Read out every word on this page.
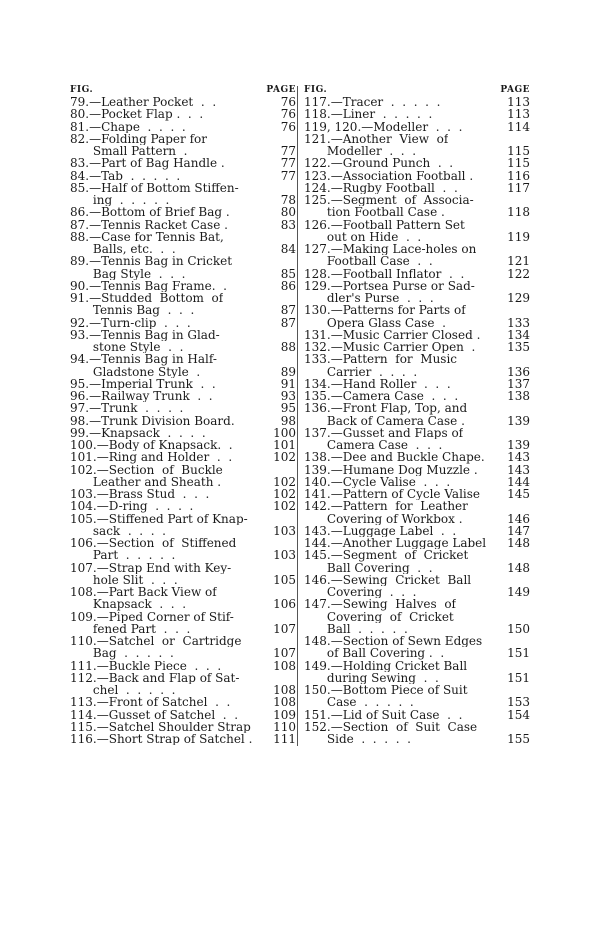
FIG.	PAGE
79.—Leather Pocket  .  .	76
80.—Pocket Flap .  .  .	76
81.—Chape  .  .  .  .	76
82.—Folding Paper for
Small Pattern  .	77
83.—Part of Bag Handle .	77
84.—Tab  .  .  .  .  .	77
85.—Half of Bottom Stiffen-
ing  .  .  .  .  .	78
86.—Bottom of Brief Bag .	80
87.—Tennis Racket Case .	83
88.—Case for Tennis Bat,
Balls, etc.  .  .	84
89.—Tennis Bag in Cricket
Bag Style  .  .  .	85
90.—Tennis Bag Frame.  .	86
91.—Studded  Bottom  of
Tennis Bag  .  .  .	87
92.—Turn-clip  .  .  .	87
93.—Tennis Bag in Glad-
stone Style  .  .	88
94.—Tennis Bag in Half-
Gladstone Style  .	89
95.—Imperial Trunk  .  .	91
96.—Railway Trunk  .  .	93
97.—Trunk  .  .  .  .	95
98.—Trunk Division Board.	98
99.—Knapsack  .  .  .  .	100
100.—Body of Knapsack.  .	101
101.—Ring and Holder  .  .	102
102.—Section  of  Buckle
Leather and Sheath .	102
103.—Brass Stud  .  .  .	102
104.—D-ring  .  .  .  .	102
105.—Stiffened Part of Knap-
sack  .  .  .  .	103
106.—Section  of  Stiffened
Part  .  .  .  .  .	103
107.—Strap End with Key-
hole Slit  .  .  .	105
108.—Part Back View of
Knapsack  .  .  .	106
109.—Piped Corner of Stif-
fened Part  .  .  .	107
110.—Satchel  or  Cartridge
Bag  .  .  .  .  .	107
111.—Buckle Piece  .  .  .	108
112.—Back and Flap of Sat-
chel  .  .  .  .  .	108
113.—Front of Satchel  .  .	108
114.—Gusset of Satchel  .  .	109
115.—Satchel Shoulder Strap 110
116.—Short Strap of Satchel . 111
FIG.	PAGE
117.—Tracer  .  .  .  .  .	113
118.—Liner  .  .  .  .  .	113
119, 120.—Modeller  .  .  .	114
121.—Another  View  of
Modeller  .  .  .	115
122.—Ground Punch  .  .	115
123.—Association Football .	116
124.—Rugby Football  .  .	117
125.—Segment  of  Associa-
tion Football Case .	118
126.—Football Pattern Set
out on Hide  .  .	119
127.—Making Lace-holes on
Football Case  .  .	121
128.—Football Inflator  .  .	122
129.—Portsea Purse or Sad-
dler's Purse  .  .  .	129
130.—Patterns for Parts of
Opera Glass Case  .	133
131.—Music Carrier Closed . 134
132.—Music Carrier Open  .	135
133.—Pattern  for  Music
Carrier  .  .  .  .	136
134.—Hand Roller  .  .  .	137
135.—Camera Case  .  .  .	138
136.—Front Flap, Top, and
Back of Camera Case .	139
137.—Gusset and Flaps of
Camera Case  .  .  .	139
138.—Dee and Buckle Chape. 143
139.—Humane Dog Muzzle . 143
140.—Cycle Valise  .  .  .	144
141.—Pattern of Cycle Valise 145
142.—Pattern  for  Leather
Covering of Workbox .	146
143.—Luggage Label  .  .	147
144.—Another Luggage Label 148
145.—Segment  of  Cricket
Ball Covering  .  .	148
146.—Sewing  Cricket  Ball
Covering  .  .  .	149
147.—Sewing  Halves  of
Covering  of  Cricket
Ball  .  .  .  .  .	150
148.—Section of Sewn Edges
of Ball Covering .  .	151
149.—Holding Cricket Ball
during Sewing  .  .	151
150.—Bottom Piece of Suit
Case  .  .  .  .  .	153
151.—Lid of Suit Case  .  .	154
152.—Section  of  Suit  Case
Side  .  .  .  .  .	155
